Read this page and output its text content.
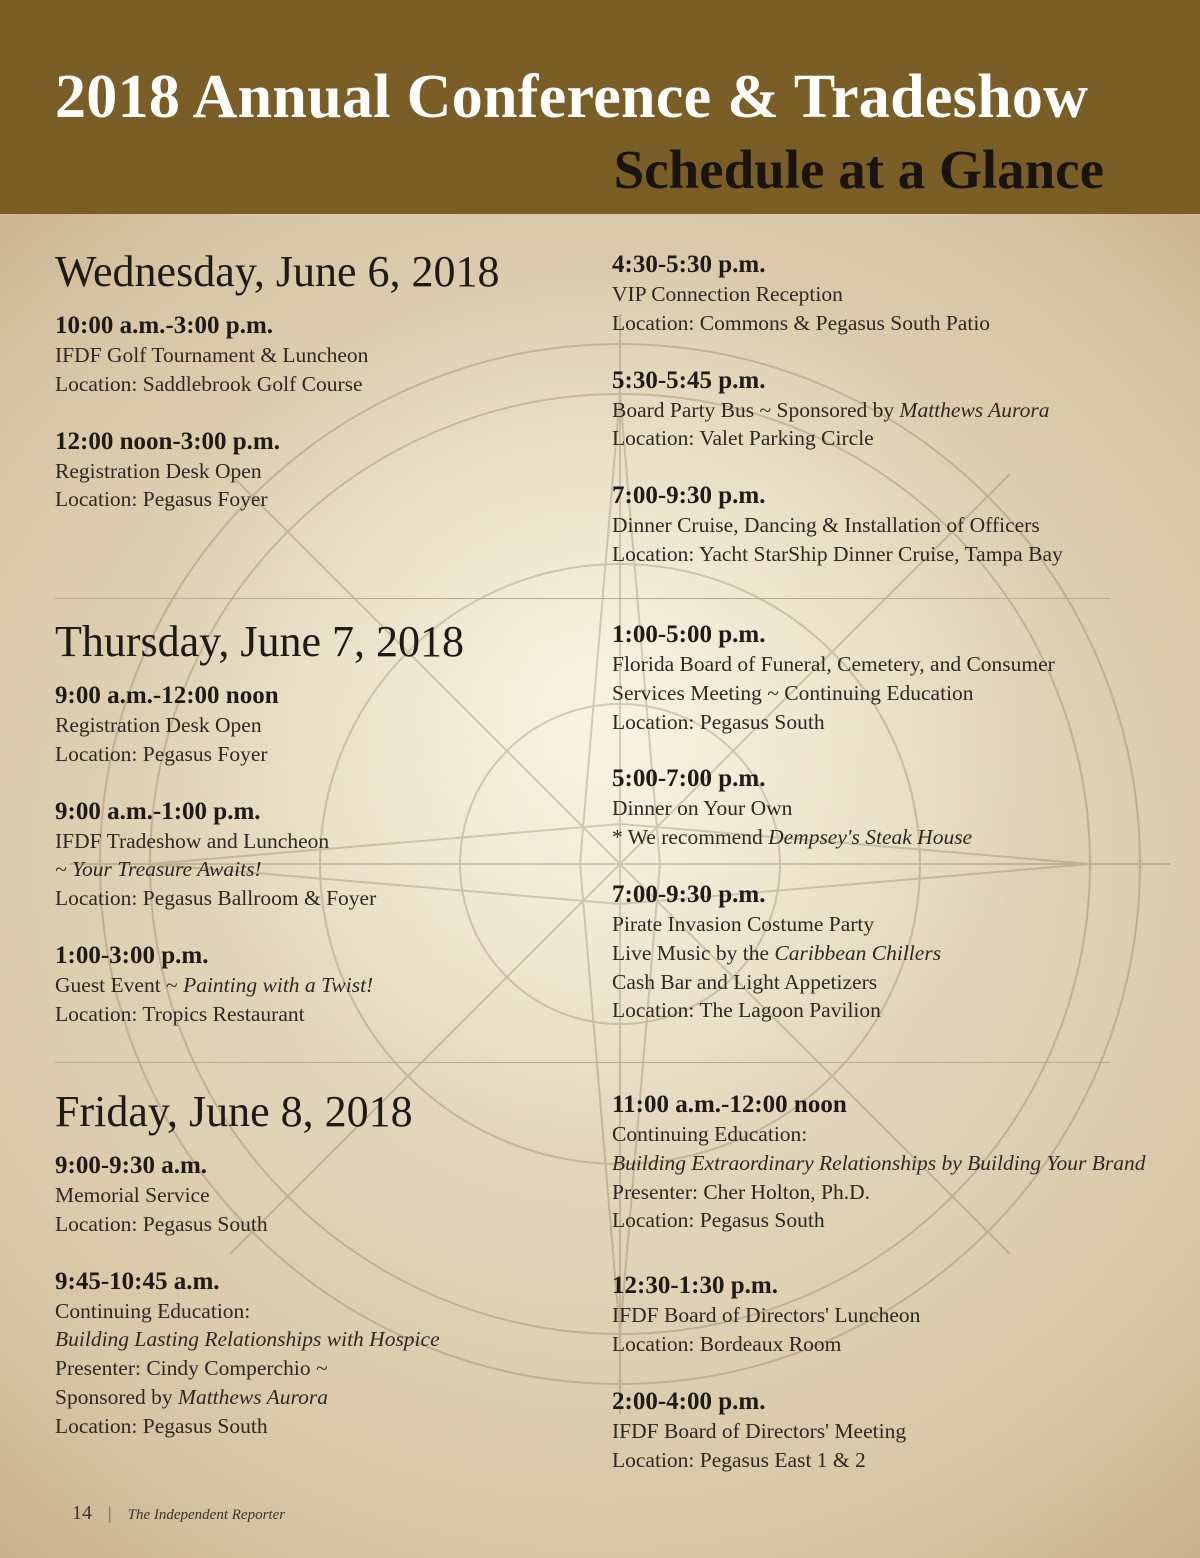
2018 Annual Conference & Tradeshow
Schedule at a Glance
Wednesday, June 6, 2018
10:00 a.m.-3:00 p.m.
IFDF Golf Tournament & Luncheon
Location: Saddlebrook Golf Course
12:00 noon-3:00 p.m.
Registration Desk Open
Location: Pegasus Foyer
4:30-5:30 p.m.
VIP Connection Reception
Location: Commons & Pegasus South Patio
5:30-5:45 p.m.
Board Party Bus ~ Sponsored by Matthews Aurora
Location: Valet Parking Circle
7:00-9:30 p.m.
Dinner Cruise, Dancing & Installation of Officers
Location: Yacht StarShip Dinner Cruise, Tampa Bay
Thursday, June 7, 2018
9:00 a.m.-12:00 noon
Registration Desk Open
Location: Pegasus Foyer
9:00 a.m.-1:00 p.m.
IFDF Tradeshow and Luncheon
~ Your Treasure Awaits!
Location: Pegasus Ballroom & Foyer
1:00-3:00 p.m.
Guest Event ~ Painting with a Twist!
Location: Tropics Restaurant
1:00-5:00 p.m.
Florida Board of Funeral, Cemetery, and Consumer
Services Meeting ~ Continuing Education
Location: Pegasus South
5:00-7:00 p.m.
Dinner on Your Own
* We recommend Dempsey's Steak House
7:00-9:30 p.m.
Pirate Invasion Costume Party
Live Music by the Caribbean Chillers
Cash Bar and Light Appetizers
Location: The Lagoon Pavilion
Friday, June 8, 2018
9:00-9:30 a.m.
Memorial Service
Location: Pegasus South
9:45-10:45 a.m.
Continuing Education:
Building Lasting Relationships with Hospice
Presenter: Cindy Comperchio ~
Sponsored by Matthews Aurora
Location: Pegasus South
11:00 a.m.-12:00 noon
Continuing Education:
Building Extraordinary Relationships by Building Your Brand
Presenter: Cher Holton, Ph.D.
Location: Pegasus South
12:30-1:30 p.m.
IFDF Board of Directors' Luncheon
Location: Bordeaux Room
2:00-4:00 p.m.
IFDF Board of Directors' Meeting
Location: Pegasus East 1 & 2
14 | The Independent Reporter
